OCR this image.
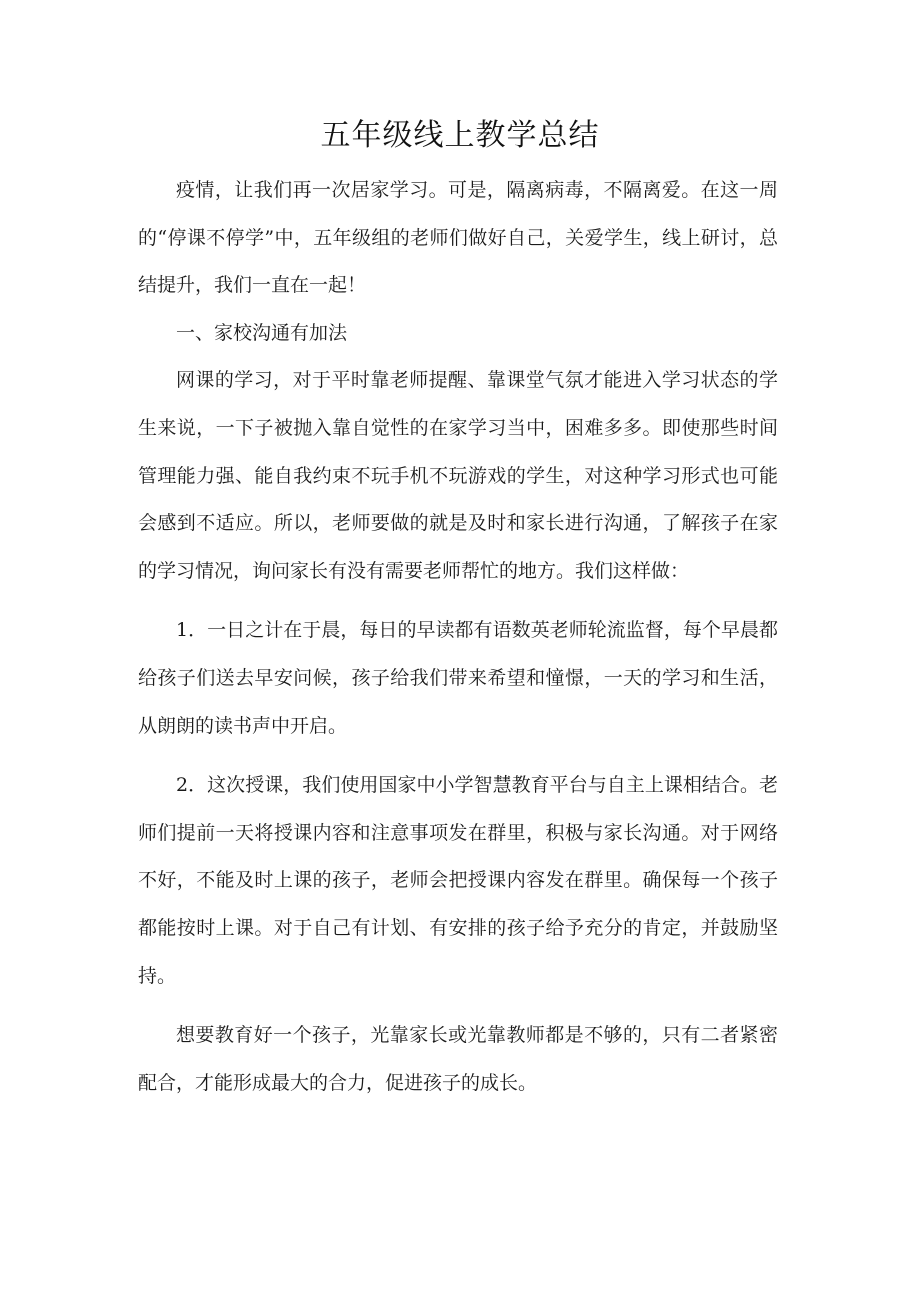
五年级线上教学总结

疫情，让我们再一次居家学习。可是，隔离病毒，不隔离爱。在这一周的“停课不停学”中，五年级组的老师们做好自己，关爱学生，线上研讨，总结提升，我们一直在一起！

一、家校沟通有加法

网课的学习，对于平时靠老师提醒、靠课堂气氛才能进入学习状态的学生来说，一下子被抛入靠自觉性的在家学习当中，困难多多。即使那些时间管理能力强、能自我约束不玩手机不玩游戏的学生，对这种学习形式也可能会感到不适应。所以，老师要做的就是及时和家长进行沟通，了解孩子在家的学习情况，询问家长有没有需要老师帮忙的地方。我们这样做：

1．一日之计在于晨，每日的早读都有语数英老师轮流监督，每个早晨都给孩子们送去早安问候，孩子给我们带来希望和憧憬，一天的学习和生活，从朗朗的读书声中开启。

2．这次授课，我们使用国家中小学智慧教育平台与自主上课相结合。老师们提前一天将授课内容和注意事项发在群里，积极与家长沟通。对于网络不好，不能及时上课的孩子，老师会把授课内容发在群里。确保每一个孩子都能按时上课。对于自己有计划、有安排的孩子给予充分的肯定，并鼓励坚持。

想要教育好一个孩子，光靠家长或光靠教师都是不够的，只有二者紧密配合，才能形成最大的合力，促进孩子的成长。
